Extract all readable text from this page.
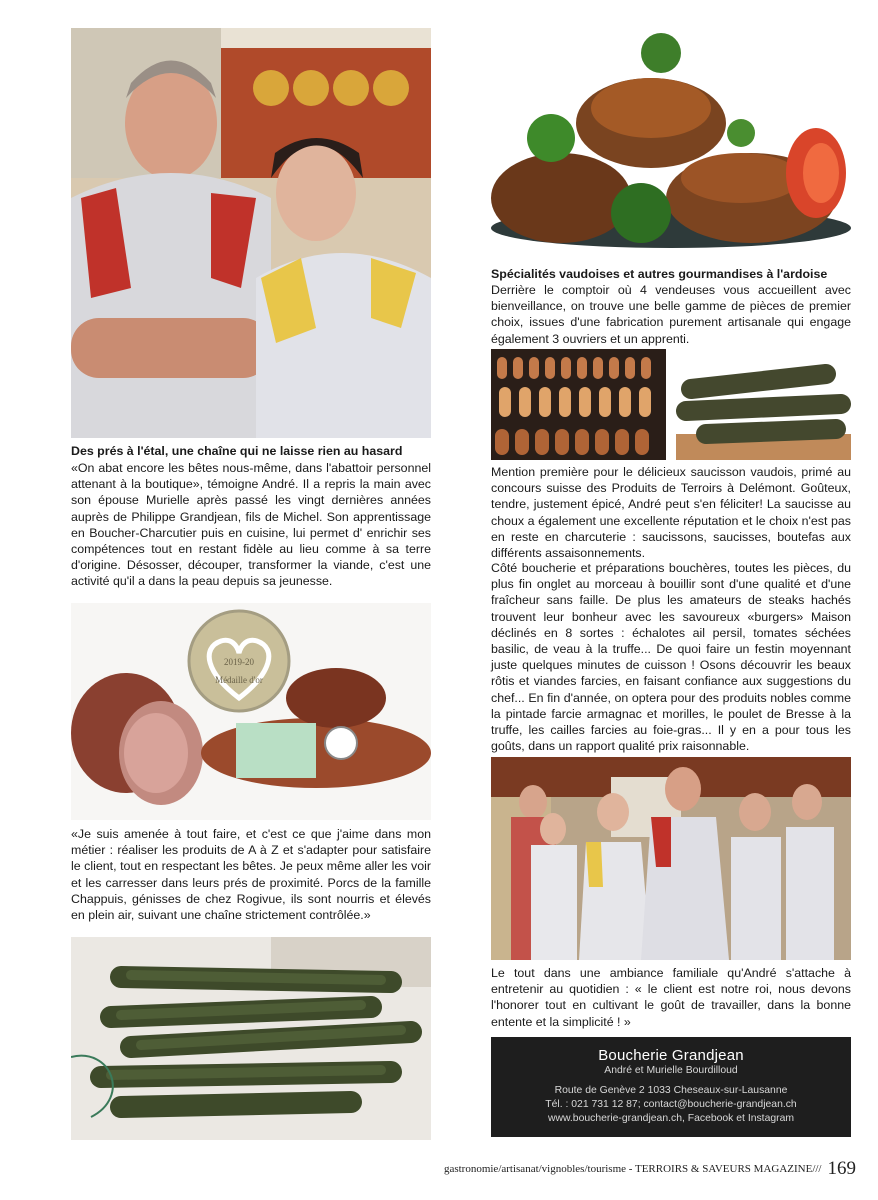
Des prés à l'étal, une chaîne qui ne laisse rien au hasard

«On abat encore les bêtes nous-même, dans l'abattoir personnel attenant à la boutique», témoigne André. Il a repris la main avec son épouse Murielle après passé les vingt dernières années auprès de Philippe Grandjean, fils de Michel. Son apprentissage en Boucher-Charcutier puis en cuisine, lui permet d' enrichir ses compétences tout en restant fidèle au lieu comme à sa terre d'origine. Désosser, découper, transformer la viande, c'est une activité qu'il a dans la peau depuis sa jeunesse.

2019-20
Médaille d'or

«Je suis amenée à tout faire, et c'est ce que j'aime dans mon métier : réaliser les produits de A à Z et s'adapter pour satisfaire le client, tout en respectant les bêtes. Je peux même aller les voir et les carresser dans leurs prés de proximité. Porcs de la famille Chappuis, génisses de chez Rogivue, ils sont nourris et élevés en plein air, suivant une chaîne strictement contrôlée.»

Spécialités vaudoises et autres gourmandises à l'ardoise

Derrière le comptoir où 4 vendeuses vous accueillent avec bienveillance, on trouve une belle gamme de pièces de premier choix, issues d'une fabrication purement artisanale qui engage également 3 ouvriers et un apprenti.

Mention première pour le délicieux saucisson vaudois, primé au concours suisse des Produits de Terroirs à Delémont. Goûteux, tendre, justement épicé, André peut s'en féliciter! La saucisse au choux a également une excellente réputation et le choix n'est pas en reste en charcuterie : saucissons, saucisses, boutefas aux différents assaisonnements.

Côté boucherie et préparations bouchères, toutes les pièces, du plus fin onglet au morceau à bouillir sont d'une qualité et d'une fraîcheur sans faille. De plus les amateurs de steaks hachés trouvent leur bonheur avec les savoureux «burgers» Maison déclinés en 8 sortes : échalotes ail persil, tomates séchées basilic, de veau à la truffe... De quoi faire un festin moyennant juste quelques minutes de cuisson ! Osons découvrir les beaux rôtis et viandes farcies, en faisant confiance aux suggestions du chef... En fin d'année, on optera pour des produits nobles comme la pintade farcie armagnac et morilles, le poulet de Bresse à la truffe, les cailles farcies au foie-gras... Il y en a pour tous les goûts, dans un rapport qualité prix raisonnable.

Le tout dans une ambiance familiale qu'André s'attache à entretenir au quotidien : « le client est notre roi, nous devons l'honorer tout en cultivant le goût de travailler, dans la bonne entente et la simplicité ! »

Boucherie Grandjean
André et Murielle Bourdilloud
Route de Genève 2 1033 Cheseaux-sur-Lausanne
Tél. : 021 731 12 87; contact@boucherie-grandjean.ch
www.boucherie-grandjean.ch, Facebook et Instagram
gastronomie/artisanat/vignobles/tourisme - TERROIRS & SAVEURS MAGAZINE/// 169
